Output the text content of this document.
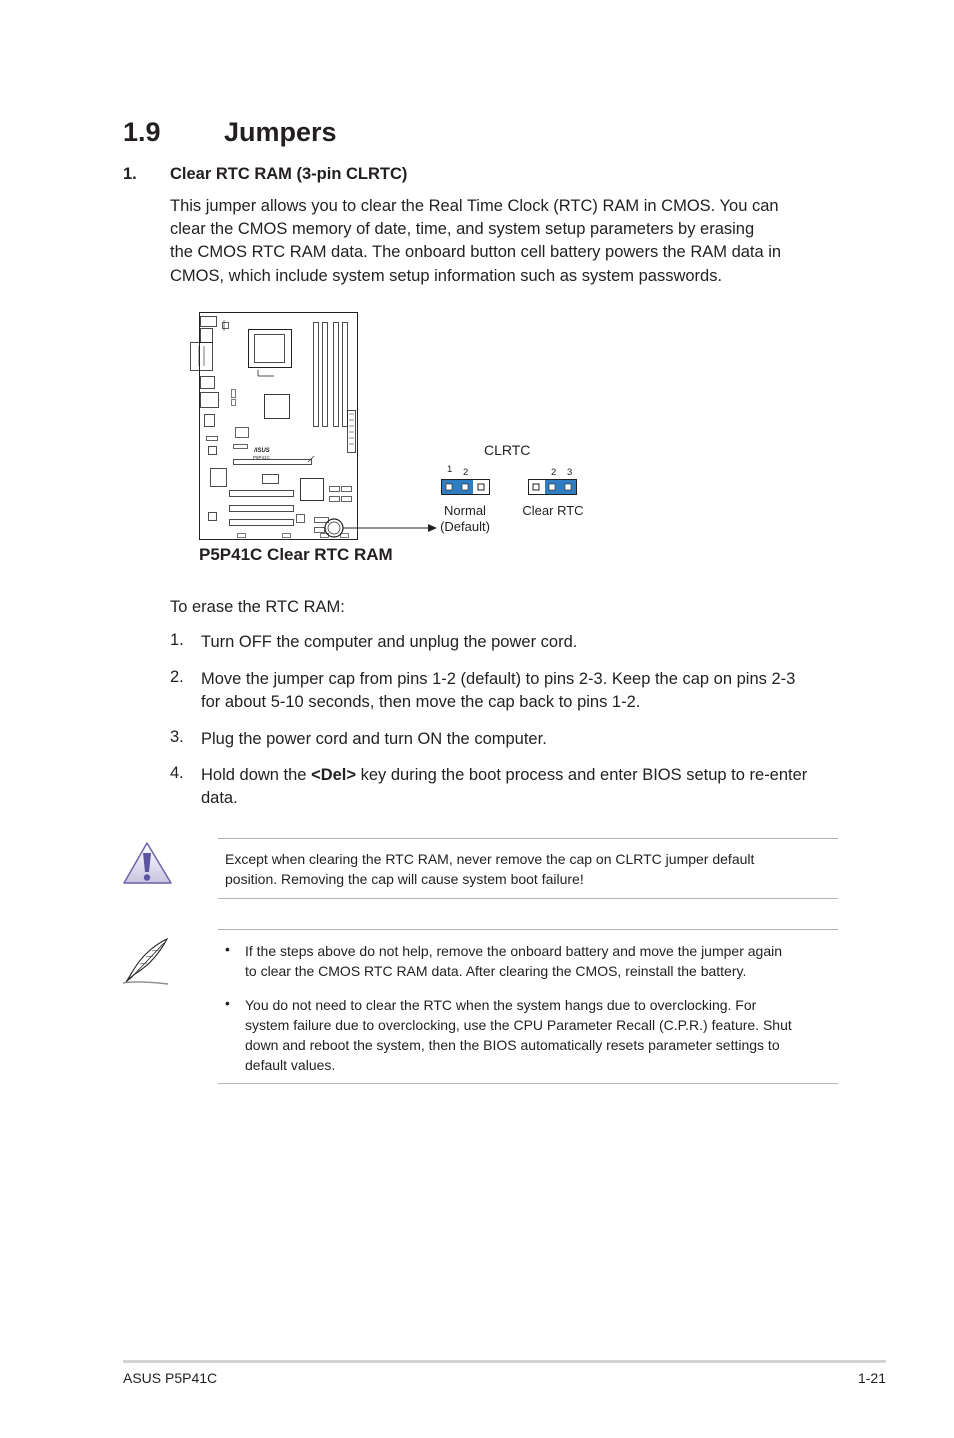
1.9 Jumpers
1. Clear RTC RAM (3-pin CLRTC)
This jumper allows you to clear the Real Time Clock (RTC) RAM in CMOS. You can
clear the CMOS memory of date, time, and system setup parameters by erasing
the CMOS RTC RAM data. The onboard button cell battery powers the RAM data in
CMOS, which include system setup information such as system passwords.
/ISUS
P5P41C	CLRTC
1 2	2 3
Normal
(Default)
Clear RTC
P5P41C Clear RTC RAM
To erase the RTC RAM:
1. Turn OFF the computer and unplug the power cord.
2. Move the jumper cap from pins 1-2 (default) to pins 2-3. Keep the cap on pins 2-3
for about 5-10 seconds, then move the cap back to pins 1-2.
3. Plug the power cord and turn ON the computer.
4. Hold down the <Del> key during the boot process and enter BIOS setup to re-enter
data.
Except when clearing the RTC RAM, never remove the cap on CLRTC jumper default
position. Removing the cap will cause system boot failure!
• If the steps above do not help, remove the onboard battery and move the jumper again
to clear the CMOS RTC RAM data. After clearing the CMOS, reinstall the battery.
• You do not need to clear the RTC when the system hangs due to overclocking. For
system failure due to overclocking, use the CPU Parameter Recall (C.P.R.) feature. Shut
down and reboot the system, then the BIOS automatically resets parameter settings to
default values.
ASUS P5P41C	1-21
